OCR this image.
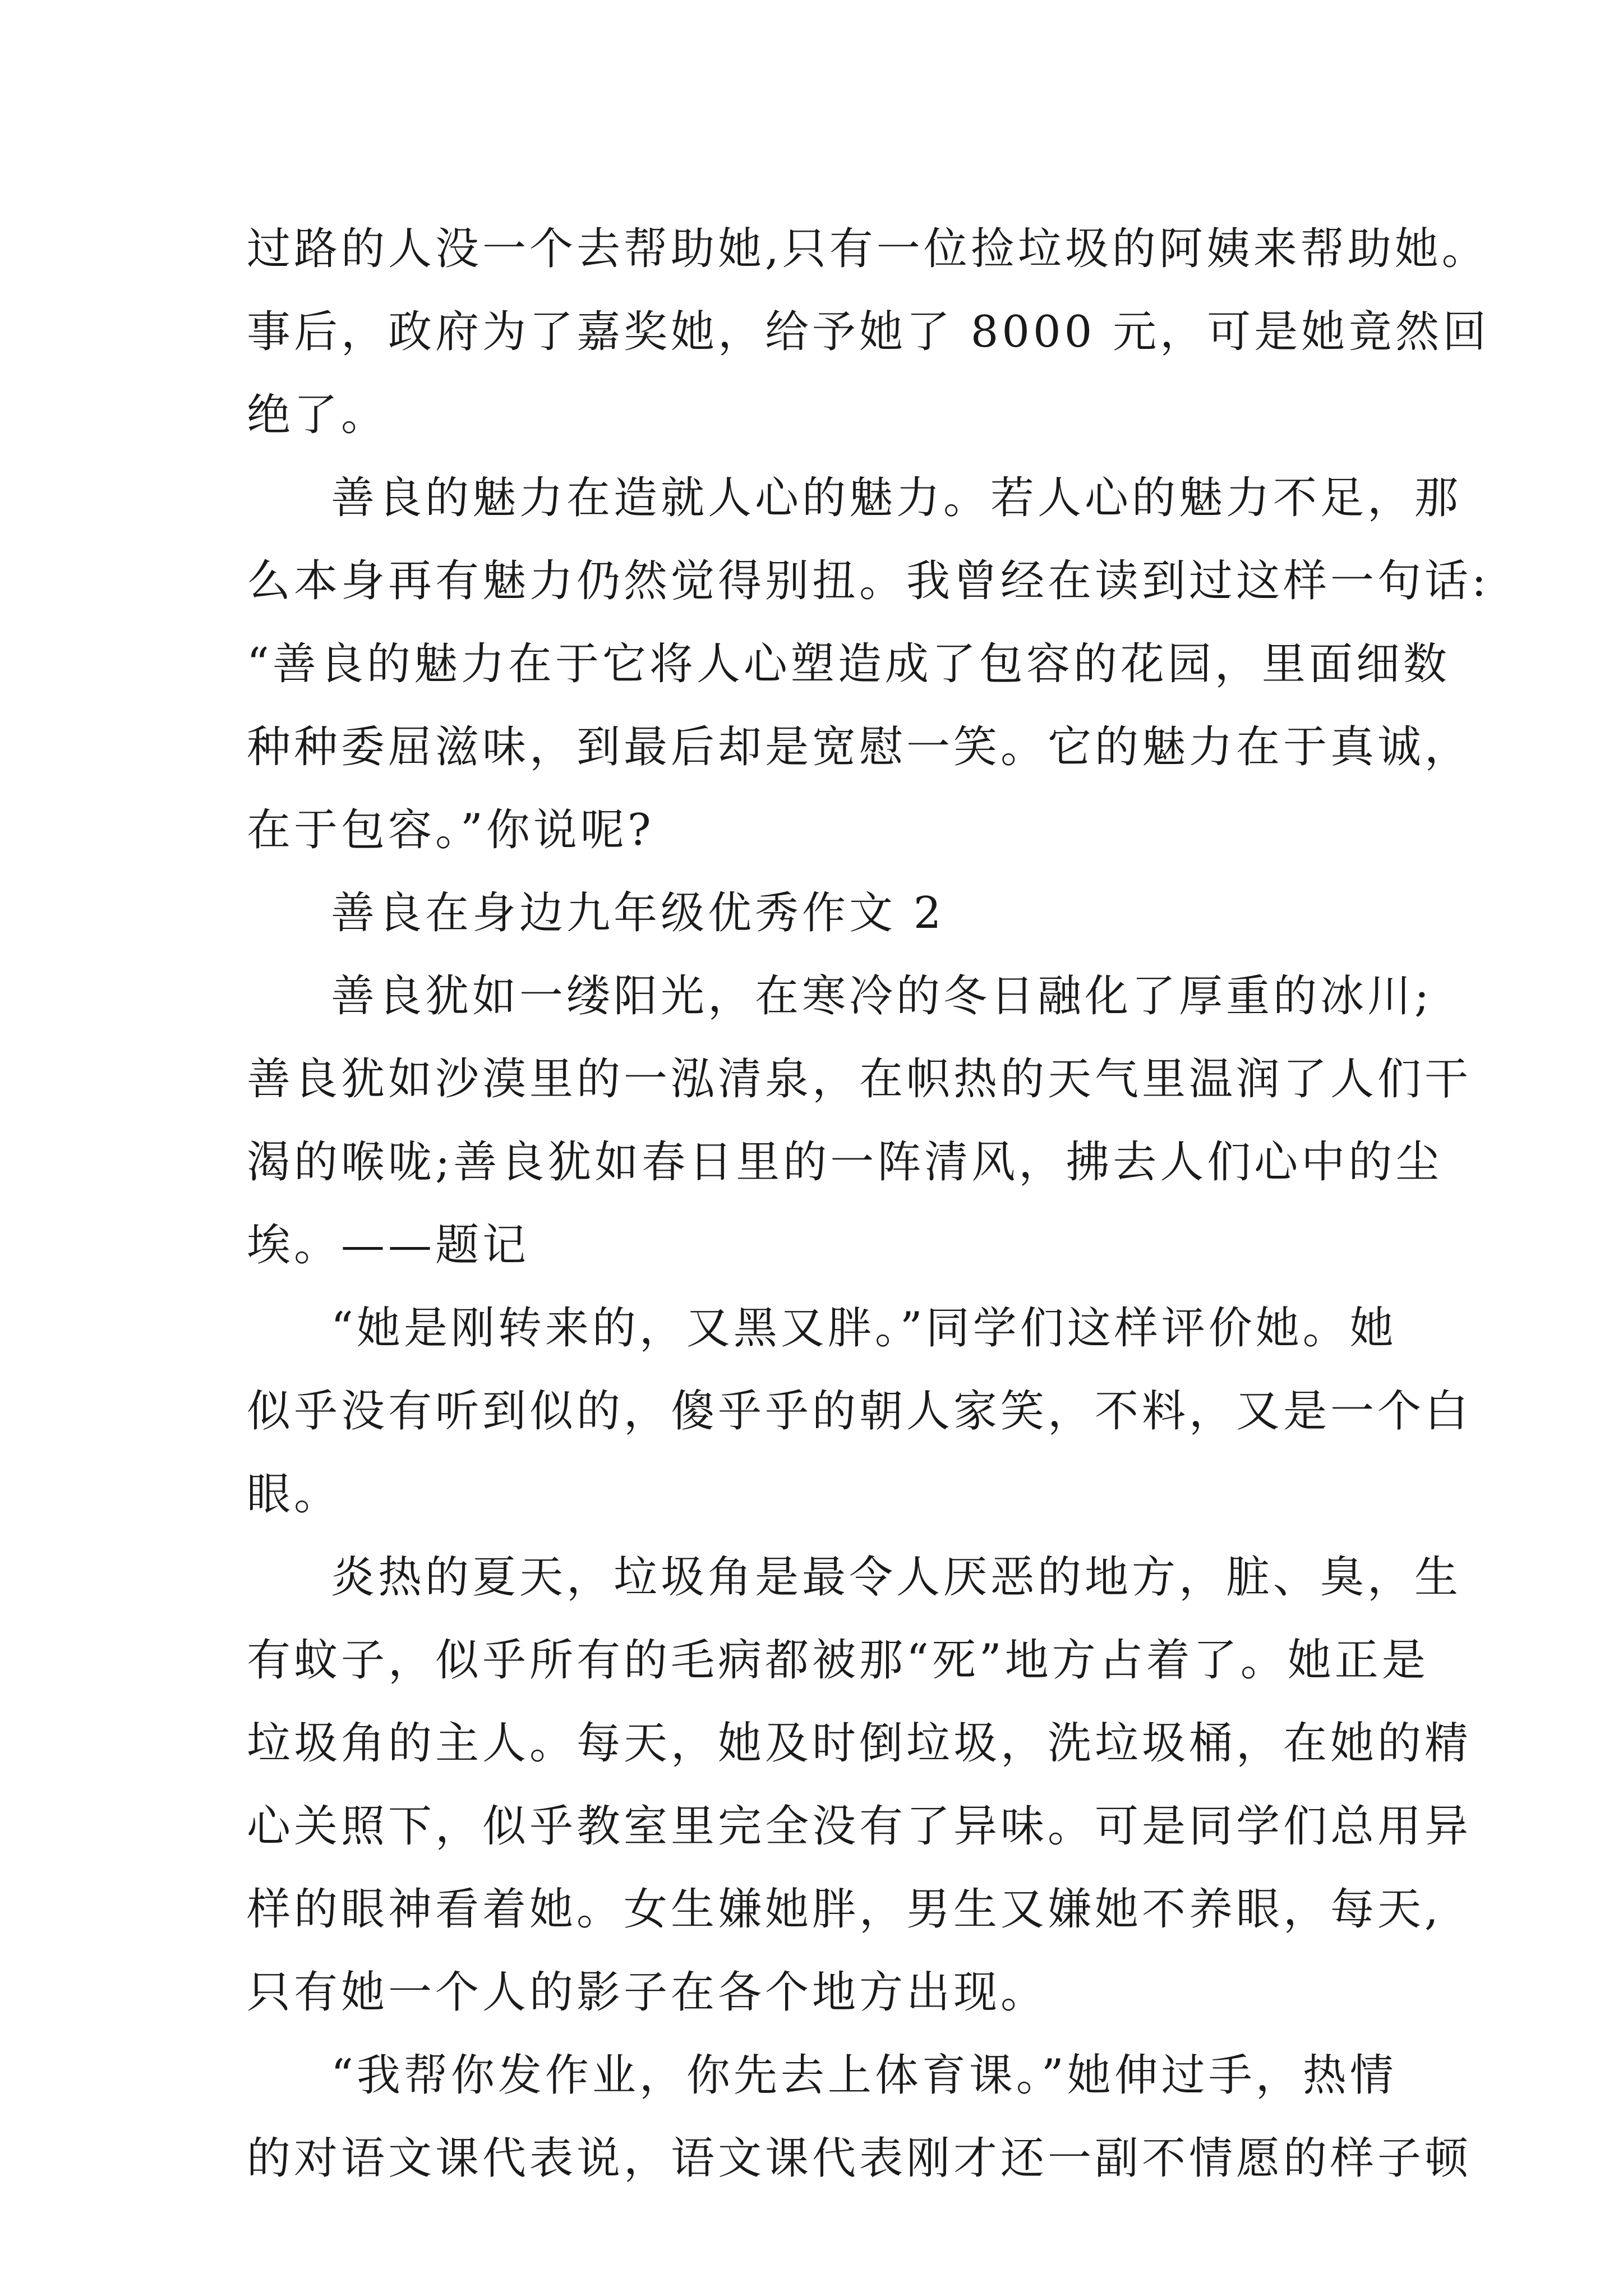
过路的人没一个去帮助她,只有一位捡垃圾的阿姨来帮助她。
事后，政府为了嘉奖她，给予她了 8000 元，可是她竟然回
绝了。
善良的魅力在造就人心的魅力。若人心的魅力不足，那
么本身再有魅力仍然觉得别扭。我曾经在读到过这样一句话:
“善良的魅力在于它将人心塑造成了包容的花园，里面细数
种种委屈滋味，到最后却是宽慰一笑。它的魅力在于真诚，
在于包容。”你说呢?
善良在身边九年级优秀作文 2
善良犹如一缕阳光，在寒冷的冬日融化了厚重的冰川;
善良犹如沙漠里的一泓清泉，在帜热的天气里温润了人们干
渴的喉咙;善良犹如春日里的一阵清风，拂去人们心中的尘
埃。——题记
“她是刚转来的，又黑又胖。”同学们这样评价她。她
似乎没有听到似的，傻乎乎的朝人家笑，不料，又是一个白
眼。
炎热的夏天，垃圾角是最令人厌恶的地方，脏、臭，生
有蚊子，似乎所有的毛病都被那“死”地方占着了。她正是
垃圾角的主人。每天，她及时倒垃圾，洗垃圾桶，在她的精
心关照下，似乎教室里完全没有了异味。可是同学们总用异
样的眼神看着她。女生嫌她胖，男生又嫌她不养眼，每天,
只有她一个人的影子在各个地方出现。
“我帮你发作业，你先去上体育课。”她伸过手，热情
的对语文课代表说，语文课代表刚才还一副不情愿的样子顿
